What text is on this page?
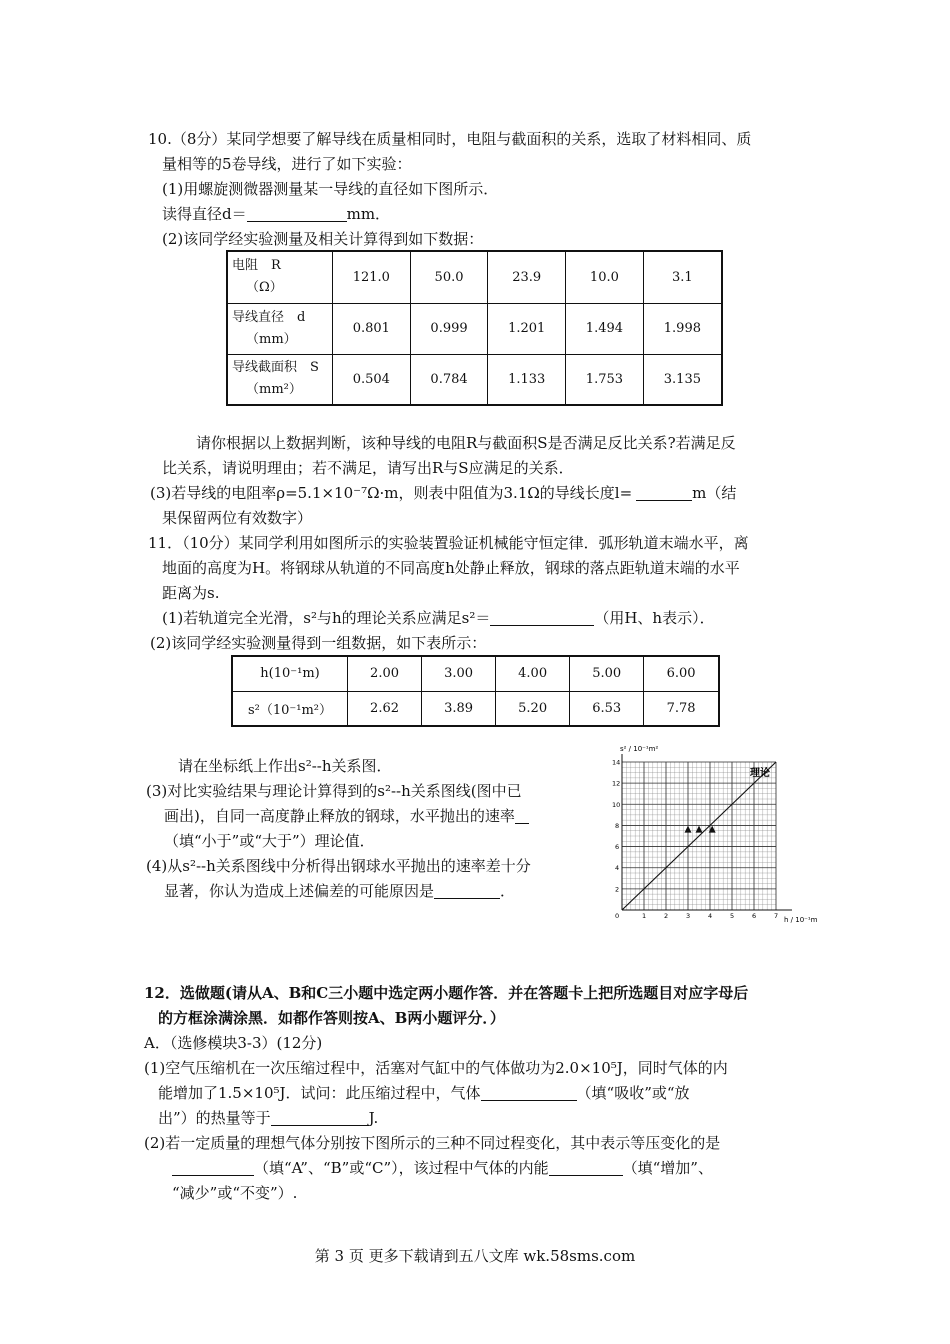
10.（8分）某同学想要了解导线在质量相同时，电阻与截面积的关系，选取了材料相同、质
量相等的5卷导线，进行了如下实验：
(1)用螺旋测微器测量某一导线的直径如下图所示．
读得直径d＝	mm．
(2)该同学经实验测量及相关计算得到如下数据：
电阻　R
（Ω）	121.0	50.0	23.9	10.0	3.1

导线直径　d
（mm）	0.801	0.999	1.201	1.494	1.998

导线截面积　S
（mm²）	0.504	0.784	1.133	1.753	3.135
请你根据以上数据判断，该种导线的电阻R与截面积S是否满足反比关系?若满足反
比关系，请说明理由；若不满足，请写出R与S应满足的关系．
(3)若导线的电阻率ρ=5.1×10⁻⁷Ω·m，则表中阻值为3.1Ω的导线长度l=	m（结
果保留两位有效数字）
11．（10分）某同学利用如图所示的实验装置验证机械能守恒定律．弧形轨道末端水平，离
地面的高度为H。将钢球从轨道的不同高度h处静止释放，钢球的落点距轨道末端的水平
距离为s.
(1)若轨道完全光滑，s²与h的理论关系应满足s²＝	（用H、h表示）．
(2)该同学经实验测量得到一组数据，如下表所示：
h(10⁻¹m)	2.00	3.00	4.00	5.00	6.00
s²（10⁻¹m²）	2.62	3.89	5.20	6.53	7.78
请在坐标纸上作出s²--h关系图．
(3)对比实验结果与理论计算得到的s²--h关系图线(图中已
画出)，自同一高度静止释放的钢球，水平抛出的速率
（填“小于”或“大于”）理论值．
(4)从s²--h关系图线中分析得出钢球水平抛出的速率差十分
显著，你认为造成上述偏差的可能原因是	．
s² / 10⁻¹m²
h / 10⁻¹m
0	1	2	3	4	5	6	7
2
4
6
8
10
12
14
理论
12．选做题(请从A、B和C三小题中选定两小题作答．并在答题卡上把所选题目对应字母后
的方框涂满涂黑．如都作答则按A、B两小题评分．）
A．（选修模块3-3）(12分)
(1)空气压缩机在一次压缩过程中，活塞对气缸中的气体做功为2.0×10⁵J，同时气体的内
能增加了1.5×10⁵J．试问：此压缩过程中，气体	（填“吸收”或“放
出”）的热量等于	J.
(2)若一定质量的理想气体分别按下图所示的三种不同过程变化，其中表示等压变化的是
（填“A”、“B”或“C”），该过程中气体的内能	（填“增加”、
“减少”或“不变”）.
第 3 页 更多下载请到五八文库 wk.58sms.com
